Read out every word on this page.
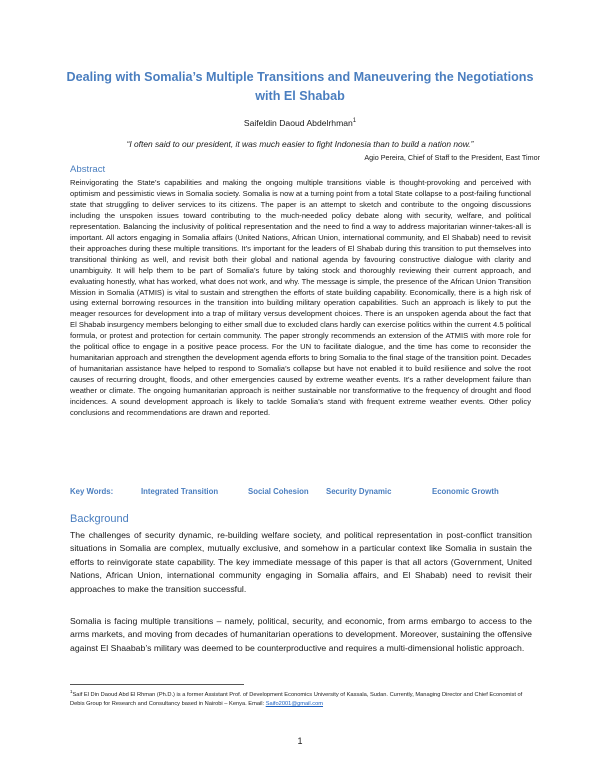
Dealing with Somalia’s Multiple Transitions and Maneuvering the Negotiations with El Shabab
Saifeldin Daoud Abdelrhman$^1$
“I often said to our president, it was much easier to fight Indonesia than to build a nation now.”
Agio Pereira, Chief of Staff to the President, East Timor
Abstract
Reinvigorating the State’s capabilities and making the ongoing multiple transitions viable is thought-provoking and perceived with optimism and pessimistic views in Somalia society. Somalia is now at a turning point from a total State collapse to a post-failing functional state that struggling to deliver services to its citizens. The paper is an attempt to sketch and contribute to the ongoing discussions including the unspoken issues toward contributing to the much-needed policy debate along with security, welfare, and political representation. Balancing the inclusivity of political representation and the need to find a way to address majoritarian winner-takes-all is important. All actors engaging in Somalia affairs (United Nations, African Union, international community, and El Shabab) need to revisit their approaches during these multiple transitions. It’s important for the leaders of El Shabab during this transition to put themselves into transitional thinking as well, and revisit both their global and national agenda by favouring constructive dialogue with clarity and unambiguity. It will help them to be part of Somalia’s future by taking stock and thoroughly reviewing their current approach, and evaluating honestly, what has worked, what does not work, and why. The message is simple, the presence of the African Union Transition Mission in Somalia (ATMIS) is vital to sustain and strengthen the efforts of state building capability. Economically, there is a high risk of using external borrowing resources in the transition into building military operation capabilities. Such an approach is likely to put the meager resources for development into a trap of military versus development choices. There is an unspoken agenda about the fact that El Shabab insurgency members belonging to either small due to excluded clans hardly can exercise politics within the current 4.5 political formula, or protest and protection for certain community. The paper strongly recommends an extension of the ATMIS with more role for the political office to engage in a positive peace process. For the UN to facilitate dialogue, and the time has come to reconsider the humanitarian approach and strengthen the development agenda efforts to bring Somalia to the final stage of the transition point. Decades of humanitarian assistance have helped to respond to Somalia’s collapse but have not enabled it to build resilience and solve the root causes of recurring drought, floods, and other emergencies caused by extreme weather events. It’s a rather development failure than weather or climate. The ongoing humanitarian approach is neither sustainable nor transformative to the frequency of drought and flood incidences. A sound development approach is likely to tackle Somalia’s stand with frequent extreme weather events. Other policy conclusions and recommendations are drawn and reported.
Key Words:	Integrated Transition	Social Cohesion Security Dynamic	Economic Growth
Background
The challenges of security dynamic, re-building welfare society, and political representation in post-conflict transition situations in Somalia are complex, mutually exclusive, and somehow in a particular context like Somalia in sustain the efforts to reinvigorate state capability. The key immediate message of this paper is that all actors (Government, United Nations, African Union, international community engaging in Somalia affairs, and El Shabab) need to revisit their approaches to make the transition successful.
Somalia is facing multiple transitions – namely, political, security, and economic, from arms embargo to access to the arms markets, and moving from decades of humanitarian operations to development. Moreover, sustaining the offensive against El Shaabab’s military was deemed to be counterproductive and requires a multi-dimensional holistic approach.
$^1$Saif El Din Daoud Abd El Rhman (Ph.D.) is a former Assistant Prof. of Development Economics University of Kassala, Sudan. Currently, Managing Director and Chief Economist of Debis Group for Research and Consultancy based in Nairobi – Kenya. Email: Saifo2001@gmail.com
1
